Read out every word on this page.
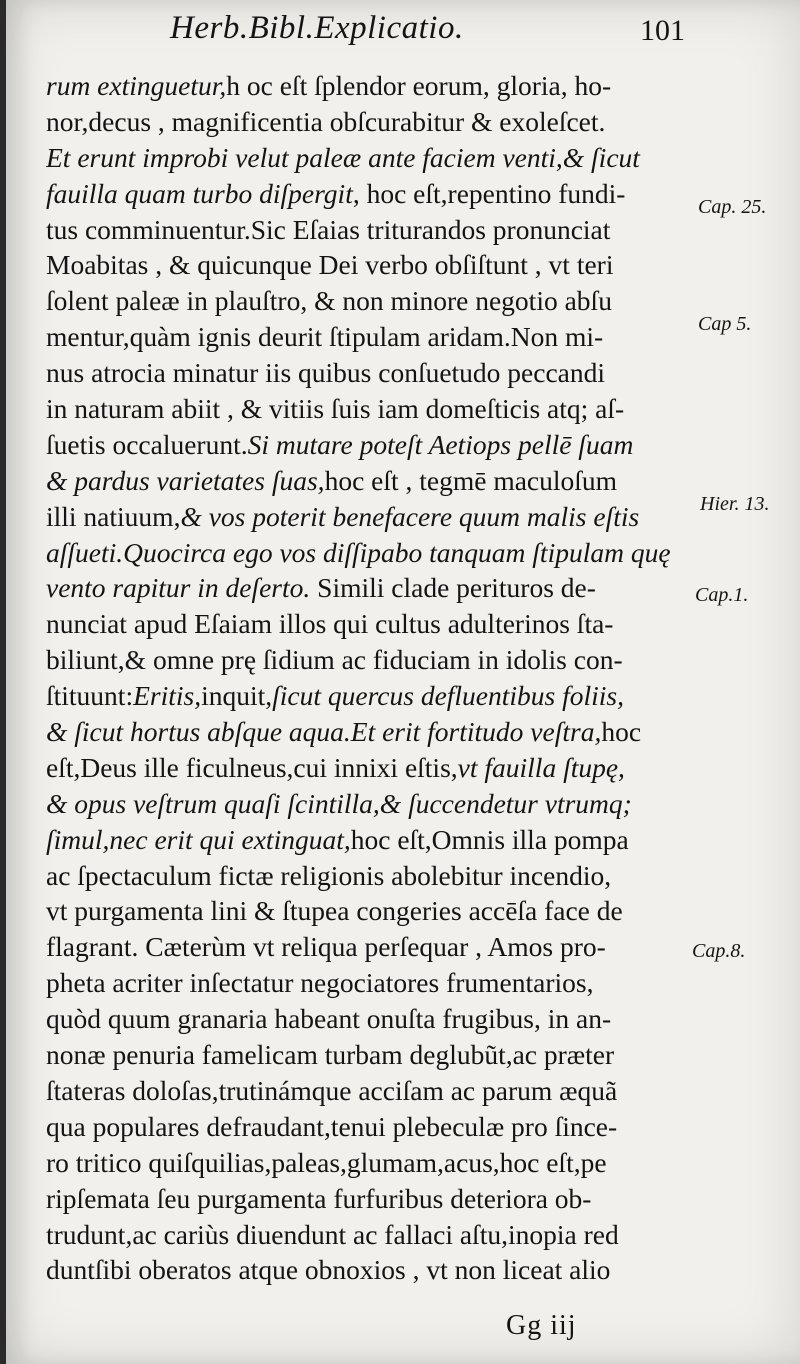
Herb.Bibl.Explicatio.	101
rum extinguetur,h oc eſt ſplendor eorum, gloria, ho-
nor,decus , magnificentia obſcurabitur & exoleſcet.
Et erunt improbi velut paleæ ante faciem venti,& ſicut
fauilla quam turbo diſpergit, hoc eſt,repentino fundi-
tus comminuentur.Sic Eſaias triturandos pronunciat
Moabitas , & quicunque Dei verbo obſiſtunt , vt teri
ſolent paleæ in plauſtro, & non minore negotio abſu
mentur,quàm ignis deurit ſtipulam aridam.Non mi-
nus atrocia minatur iis quibus conſuetudo peccandi
in naturam abiit , & vitiis ſuis iam domeſticis atq; aſ-
ſuetis occaluerunt.Si mutare poteſt Aetiops pellē ſuam
& pardus varietates ſuas,hoc eſt , tegmē maculoſum
illi natiuum,& vos poterit benefacere quum malis eſtis
aſſueti.Quocirca ego vos diſſipabo tanquam ſtipulam quę
vento rapitur in deſerto. Simili clade perituros de-
nunciat apud Eſaiam illos qui cultus adulterinos ſta-
biliunt,& omne prę ſidium ac fiduciam in idolis con-
ſtituunt:Eritis,inquit,ſicut quercus defluentibus foliis,
& ſicut hortus abſque aqua.Et erit fortitudo veſtra,hoc
eſt,Deus ille ficulneus,cui innixi eſtis,vt fauilla ſtupę,
& opus veſtrum quaſi ſcintilla,& ſuccendetur vtrumq;
ſimul,nec erit qui extinguat,hoc eſt,Omnis illa pompa
ac ſpectaculum fictæ religionis abolebitur incendio,
vt purgamenta lini & ſtupea congeries accēſa face de
flagrant. Cæterùm vt reliqua perſequar , Amos pro-
pheta acriter inſectatur negociatores frumentarios,
quòd quum granaria habeant onuſta frugibus, in an-
nonæ penuria famelicam turbam deglubũt,ac præter
ſtateras doloſas,trutinámque acciſam ac parum æquã
qua populares defraudant,tenui plebeculæ pro ſince-
ro tritico quiſquilias,paleas,glumam,acus,hoc eſt,pe
ripſemata ſeu purgamenta furfuribus deteriora ob-
trudunt,ac cariùs diuendunt ac fallaci aſtu,inopia red
duntſibi oberatos atque obnoxios , vt non liceat alio
Cap. 25.
Cap 5.
Hier. 13.
Cap.1.
Cap.8.
Gg iij
